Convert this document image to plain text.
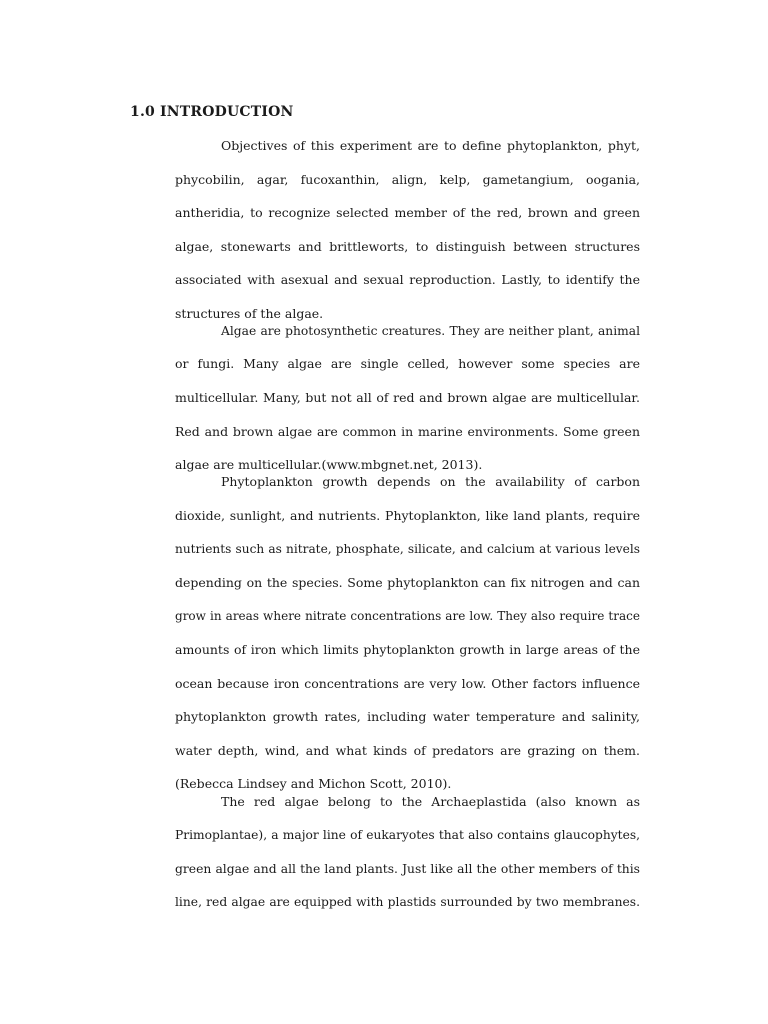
1.0 INTRODUCTION
Objectives of this experiment are to define phytoplankton, phyt,
phycobilin, agar, fucoxanthin, align, kelp, gametangium, oogania,
antheridia, to recognize selected member of the red, brown and green
algae, stonewarts and brittleworts, to distinguish between structures
associated with asexual and sexual reproduction. Lastly, to identify the
structures of the algae.
Algae are photosynthetic creatures. They are neither plant, animal
or fungi. Many algae are single celled, however some species are
multicellular. Many, but not all of red and brown algae are multicellular.
Red and brown algae are common in marine environments. Some green
algae are multicellular.(www.mbgnet.net, 2013).
Phytoplankton growth depends on the availability of carbon
dioxide, sunlight, and nutrients. Phytoplankton, like land plants, require
nutrients such as nitrate, phosphate, silicate, and calcium at various levels
depending on the species. Some phytoplankton can fix nitrogen and can
grow in areas where nitrate concentrations are low. They also require trace
amounts of iron which limits phytoplankton growth in large areas of the
ocean because iron concentrations are very low. Other factors influence
phytoplankton growth rates, including water temperature and salinity,
water depth, wind, and what kinds of predators are grazing on them.
(Rebecca Lindsey and Michon Scott, 2010).
The red algae belong to the Archaeplastida (also known as
Primoplantae), a major line of eukaryotes that also contains glaucophytes,
green algae and all the land plants. Just like all the other members of this
line, red algae are equipped with plastids surrounded by two membranes.
